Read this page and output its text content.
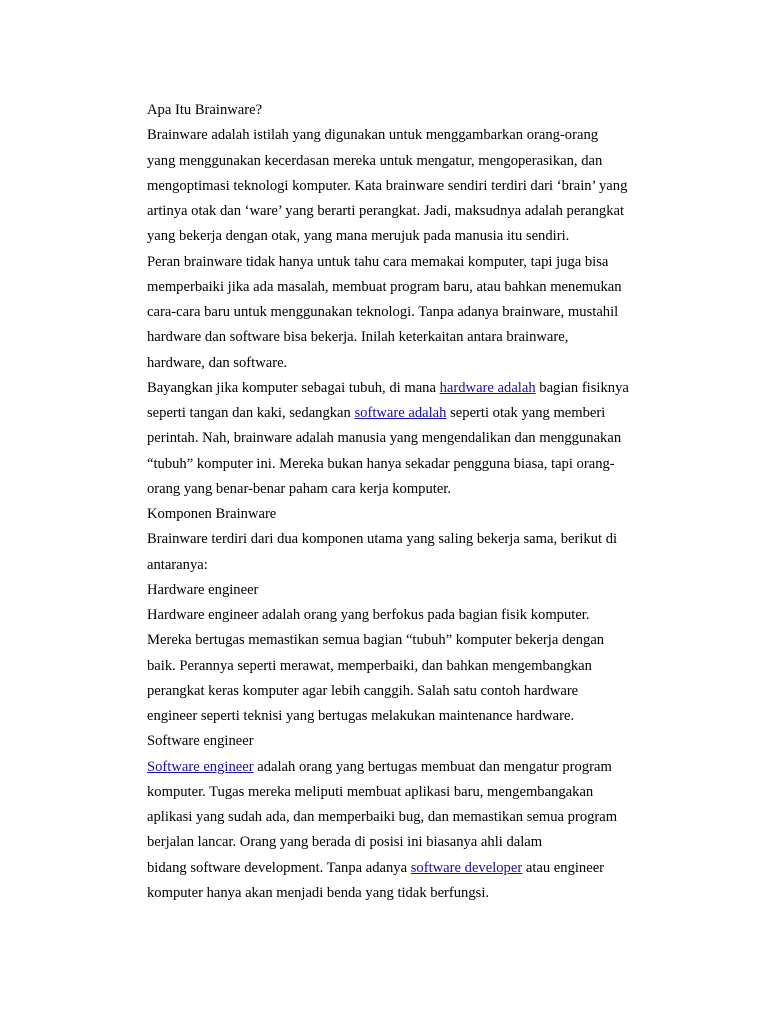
Apa Itu Brainware?
Brainware adalah istilah yang digunakan untuk menggambarkan orang-orang
yang menggunakan kecerdasan mereka untuk mengatur, mengoperasikan, dan
mengoptimasi teknologi komputer. Kata brainware sendiri terdiri dari ‘brain’ yang
artinya otak dan ‘ware’ yang berarti perangkat. Jadi, maksudnya adalah perangkat
yang bekerja dengan otak, yang mana merujuk pada manusia itu sendiri.
Peran brainware tidak hanya untuk tahu cara memakai komputer, tapi juga bisa
memperbaiki jika ada masalah, membuat program baru, atau bahkan menemukan
cara-cara baru untuk menggunakan teknologi. Tanpa adanya brainware, mustahil
hardware dan software bisa bekerja. Inilah keterkaitan antara brainware,
hardware, dan software.
Bayangkan jika komputer sebagai tubuh, di mana hardware adalah bagian fisiknya
seperti tangan dan kaki, sedangkan software adalah seperti otak yang memberi
perintah. Nah, brainware adalah manusia yang mengendalikan dan menggunakan
“tubuh” komputer ini. Mereka bukan hanya sekadar pengguna biasa, tapi orang-
orang yang benar-benar paham cara kerja komputer.
Komponen Brainware
Brainware terdiri dari dua komponen utama yang saling bekerja sama, berikut di
antaranya:
Hardware engineer
Hardware engineer adalah orang yang berfokus pada bagian fisik komputer.
Mereka bertugas memastikan semua bagian “tubuh” komputer bekerja dengan
baik. Perannya seperti merawat, memperbaiki, dan bahkan mengembangkan
perangkat keras komputer agar lebih canggih. Salah satu contoh hardware
engineer seperti teknisi yang bertugas melakukan maintenance hardware.
Software engineer
Software engineer adalah orang yang bertugas membuat dan mengatur program
komputer. Tugas mereka meliputi membuat aplikasi baru, mengembangakan
aplikasi yang sudah ada, dan memperbaiki bug, dan memastikan semua program
berjalan lancar. Orang yang berada di posisi ini biasanya ahli dalam
bidang software development. Tanpa adanya software developer atau engineer
komputer hanya akan menjadi benda yang tidak berfungsi.
